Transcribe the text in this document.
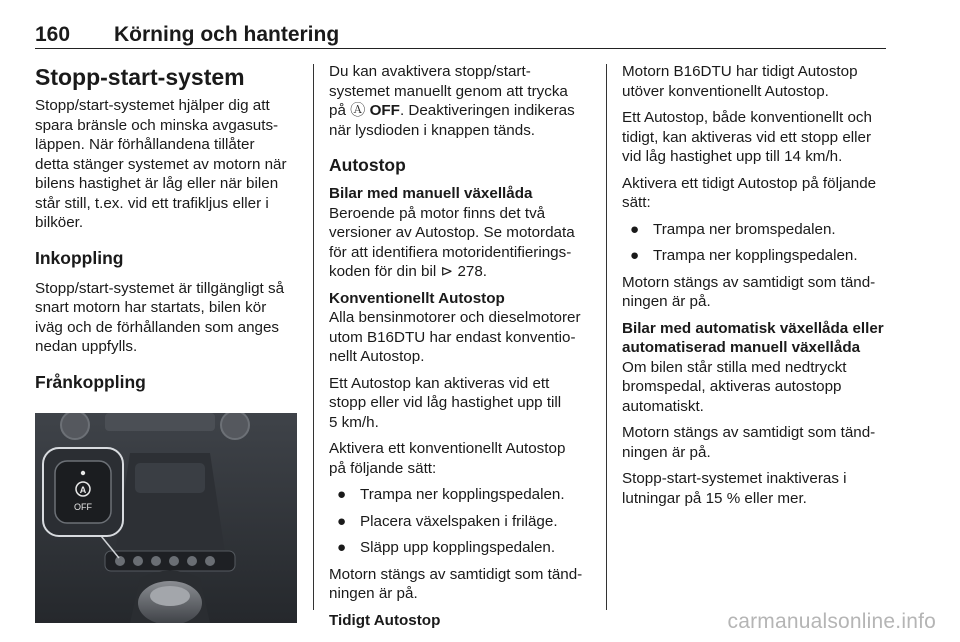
160 Körning och hantering
Stopp-start-system

Stopp/start-systemet hjälper dig att
spara bränsle och minska avgasuts-
läppen. När förhållandena tillåter
detta stänger systemet av motorn när
bilens hastighet är låg eller när bilen
står still, t.ex. vid ett trafikljus eller i
bilköer.

Inkoppling

Stopp/start-systemet är tillgängligt så
snart motorn har startats, bilen kör
iväg och de förhållanden som anges
nedan uppfylls.

Frånkoppling
A
OFF

Du kan avaktivera stopp/start-
systemet manuellt genom att trycka
på Ⓐ OFF. Deaktiveringen indikeras
när lysdioden i knappen tänds.

Autostop

Bilar med manuell växellåda
Beroende på motor finns det två
versioner av Autostop. Se motordata
för att identifiera motoridentifierings-
koden för din bil ⊳ 278.

Konventionellt Autostop
Alla bensinmotorer och dieselmotorer
utom B16DTU har endast konventio-
nellt Autostop.

Ett Autostop kan aktiveras vid ett
stopp eller vid låg hastighet upp till
5 km/h.

Aktivera ett konventionellt Autostop
på följande sätt:

● Trampa ner kopplingspedalen.
● Placera växelspaken i friläge.
● Släpp upp kopplingspedalen.

Motorn stängs av samtidigt som tänd-
ningen är på.

Tidigt Autostop

Motorn B16DTU har tidigt Autostop
utöver konventionellt Autostop.

Ett Autostop, både konventionellt och
tidigt, kan aktiveras vid ett stopp eller
vid låg hastighet upp till 14 km/h.

Aktivera ett tidigt Autostop på följande
sätt:

● Trampa ner bromspedalen.
● Trampa ner kopplingspedalen.

Motorn stängs av samtidigt som tänd-
ningen är på.

Bilar med automatisk växellåda eller
automatiserad manuell växellåda
Om bilen står stilla med nedtryckt
bromspedal, aktiveras autostopp
automatiskt.

Motorn stängs av samtidigt som tänd-
ningen är på.

Stopp-start-systemet inaktiveras i
lutningar på 15 % eller mer.

carmanualsonline.info
